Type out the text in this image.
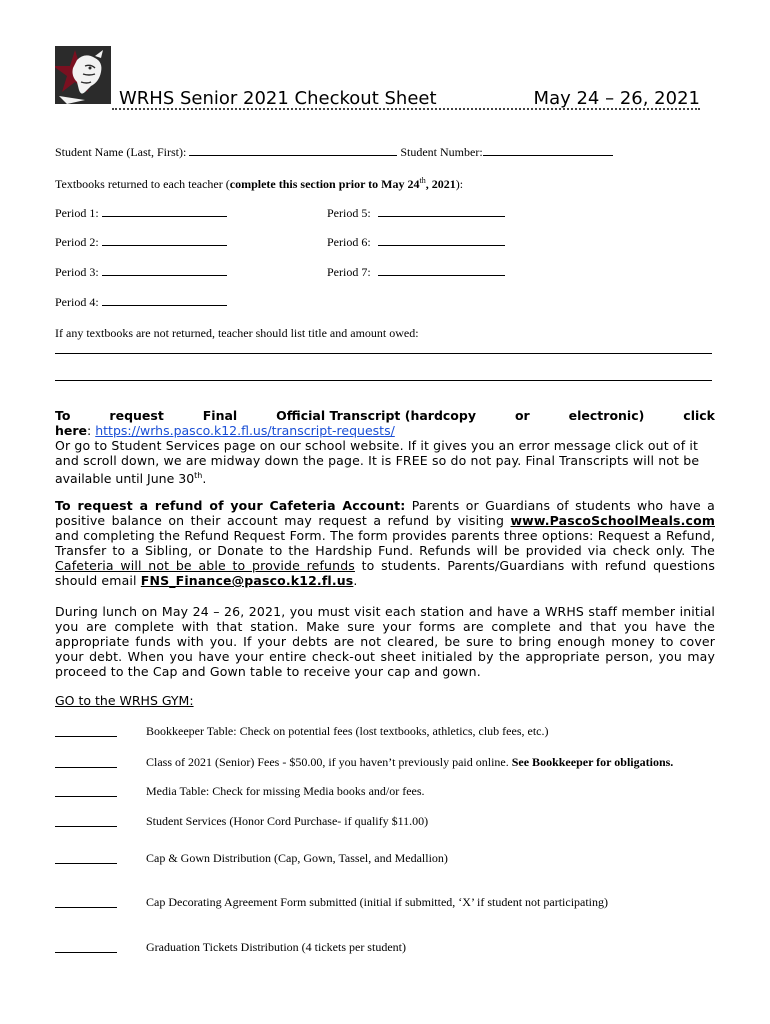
WRHS Senior 2021 Checkout Sheet	May 24 – 26, 2021
Student Name (Last, First):	Student Number:
Textbooks returned to each teacher (complete this section prior to May 24th, 2021):
Period 1:
Period 2:
Period 3:
Period 4:
Period 5:
Period 6:
Period 7:
If any textbooks are not returned, teacher should list title and amount owed:
To	request	Final	Official Transcript (hardcopy	or	electronic)	click
here: https://wrhs.pasco.k12.fl.us/transcript-requests/
Or go to Student Services page on our school website. If it gives you an error message click out of it
and scroll down, we are midway down the page. It is FREE so do not pay. Final Transcripts will not be
available until June 30th.
To request a refund of your Cafeteria Account: Parents or Guardians of students who have a positive balance on their account may request a refund by visiting www.PascoSchoolMeals.com and completing the Refund Request Form. The form provides parents three options: Request a Refund, Transfer to a Sibling, or Donate to the Hardship Fund. Refunds will be provided via check only. The Cafeteria will not be able to provide refunds to students. Parents/Guardians with refund questions should email FNS_Finance@pasco.k12.fl.us.
During lunch on May 24 – 26, 2021, you must visit each station and have a WRHS staff member initial you are complete with that station. Make sure your forms are complete and that you have the appropriate funds with you. If your debts are not cleared, be sure to bring enough money to cover your debt. When you have your entire check-out sheet initialed by the appropriate person, you may proceed to the Cap and Gown table to receive your cap and gown.
GO to the WRHS GYM:
Bookkeeper Table: Check on potential fees (lost textbooks, athletics, club fees, etc.)
Class of 2021 (Senior) Fees - $50.00, if you haven’t previously paid online. See Bookkeeper for obligations.
Media Table: Check for missing Media books and/or fees.
Student Services (Honor Cord Purchase- if qualify $11.00)
Cap & Gown Distribution (Cap, Gown, Tassel, and Medallion)
Cap Decorating Agreement Form submitted (initial if submitted, ‘X’ if student not participating)
Graduation Tickets Distribution (4 tickets per student)
